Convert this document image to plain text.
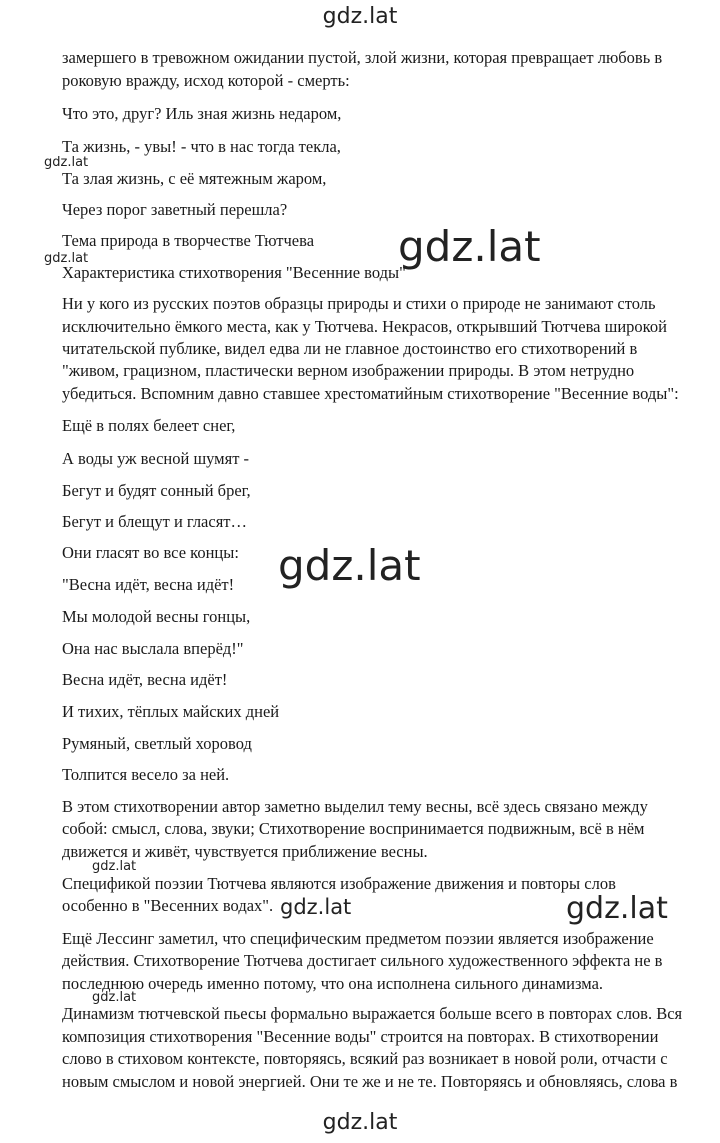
gdz.lat
gdz.lat
gdz.lat	gdz.lat
gdz.lat
gdz.lat
gdz.lat	gdz.lat
gdz.lat
gdz.lat
замершего в тревожном ожидании пустой, злой жизни, которая превращает любовь в
роковую вражду, исход которой - смерть:
Что это, друг? Иль зная жизнь недаром,
Та жизнь, - увы! - что в нас тогда текла,
Та злая жизнь, с её мятежным жаром,
Через порог заветный перешла?
Тема природа в творчестве Тютчева
Характеристика стихотворения "Весенние воды"
Ни у кого из русских поэтов образцы природы и стихи о природе не занимают столь
исключительно ёмкого места, как у Тютчева. Некрасов, открывший Тютчева широкой
читательской публике, видел едва ли не главное достоинство его стихотворений в
"живом, грацизном, пластически верном изображении природы. В этом нетрудно
убедиться. Вспомним давно ставшее хрестоматийным стихотворение "Весенние воды":
Ещё в полях белеет снег,
А воды уж весной шумят -
Бегут и будят сонный брег,
Бегут и блещут и гласят…
Они гласят во все концы:
"Весна идёт, весна идёт!
Мы молодой весны гонцы,
Она нас выслала вперёд!"
Весна идёт, весна идёт!
И тихих, тёплых майских дней
Румяный, светлый хоровод
Толпится весело за ней.
В этом стихотворении автор заметно выделил тему весны, всё здесь связано между
собой: смысл, слова, звуки; Стихотворение воспринимается подвижным, всё в нём
движется и живёт, чувствуется приближение весны.
Спецификой поэзии Тютчева являются изображение движения и повторы слов
особенно в "Весенних водах".
Ещё Лессинг заметил, что специфическим предметом поэзии является изображение
действия. Стихотворение Тютчева достигает сильного художественного эффекта не в
последнюю очередь именно потому, что она исполнена сильного динамизма.
Динамизм тютчевской пьесы формально выражается больше всего в повторах слов. Вся
композиция стихотворения "Весенние воды" строится на повторах. В стихотворении
слово в стиховом контексте, повторяясь, всякий раз возникает в новой роли, отчасти с
новым смыслом и новой энергией. Они те же и не те. Повторяясь и обновляясь, слова в
